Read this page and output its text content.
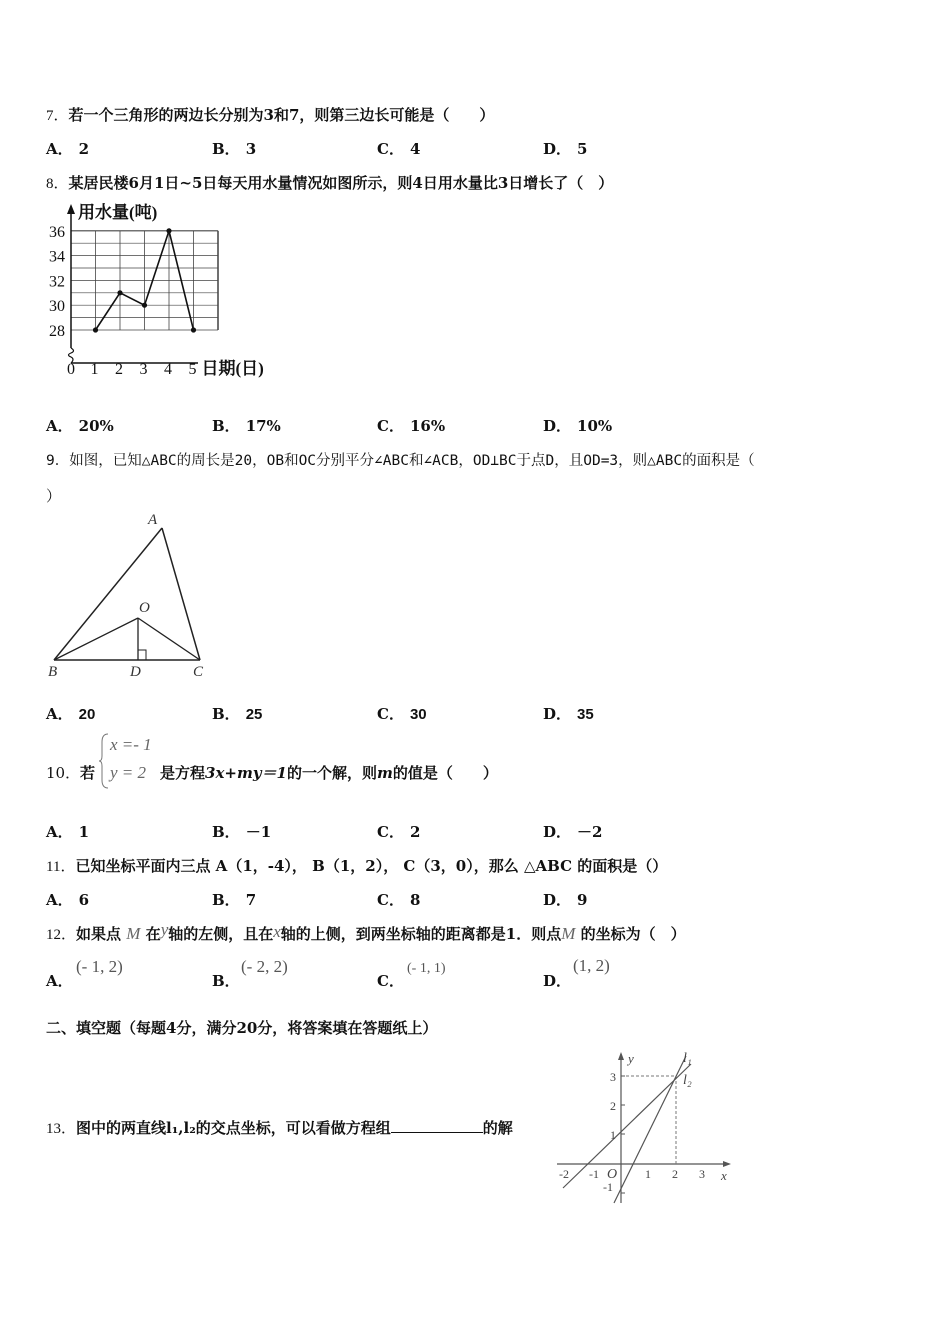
7．若一个三角形的两边长分别为3和7，则第三边长可能是（　　）
A． 2	B． 3	C． 4	D． 5
8．某居民楼6月1日~5日每天用水量情况如图所示，则4日用水量比3日增长了（　）
用水量(吨)
日期(日)
28
30
32
34
36
0 1 2 3 4 5
A． 20%	B． 17%	C． 16%	D． 10%
9．如图，已知△ABC的周长是20，OB和OC分别平分∠ABC和∠ACB，OD⊥BC于点D，且OD=3，则△ABC的面积是（
）
A
B	C
D
O
A． 20	B． 25	C． 30	D． 35
10． 若
x =- 1
y = 2 是方程3x+my＝1的一个解，则m的值是（　　）
A． 1	B． －1	C． 2	D． －2
11．已知坐标平面内三点 A（1，-4）， B（1，2）， C（3，0），那么 △ABC 的面积是（）
A． 6	B． 7	C． 8	D． 9
12．如果点 M 在y轴的左侧，且在x轴的上侧，到两坐标轴的距离都是1．则点M 的坐标为（　）
A．
(- 1, 2)
B．
(- 2, 2)
C．
(- 1, 1)
D．
(1, 2)
二、填空题（每题4分，满分20分，将答案填在答题纸上）
13．图中的两直线l₁,l₂的交点坐标，可以看做方程组	的解
y
x
l₁
l₂
O
-2 -1	1 2 3
3
2
1
-1
